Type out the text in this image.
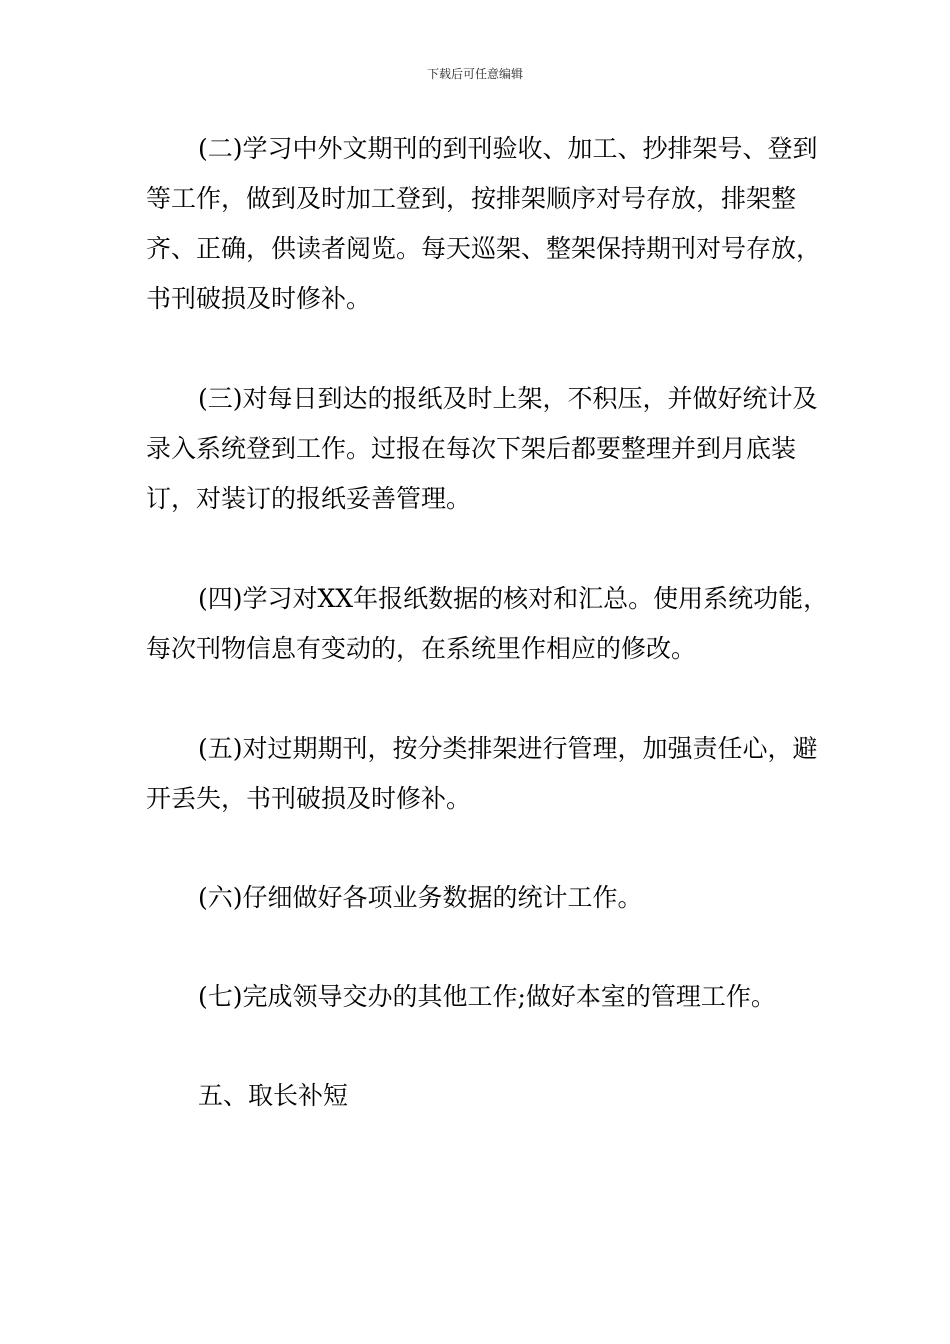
下载后可任意编辑

(二)学习中外文期刊的到刊验收、加工、抄排架号、登到等工作，做到及时加工登到，按排架顺序对号存放，排架整齐、正确，供读者阅览。每天巡架、整架保持期刊对号存放，书刊破损及时修补。

(三)对每日到达的报纸及时上架，不积压，并做好统计及录入系统登到工作。过报在每次下架后都要整理并到月底装订，对装订的报纸妥善管理。

(四)学习对XX年报纸数据的核对和汇总。使用系统功能，每次刊物信息有变动的，在系统里作相应的修改。

(五)对过期期刊，按分类排架进行管理，加强责任心，避开丢失，书刊破损及时修补。

(六)仔细做好各项业务数据的统计工作。

(七)完成领导交办的其他工作;做好本室的管理工作。

五、取长补短
